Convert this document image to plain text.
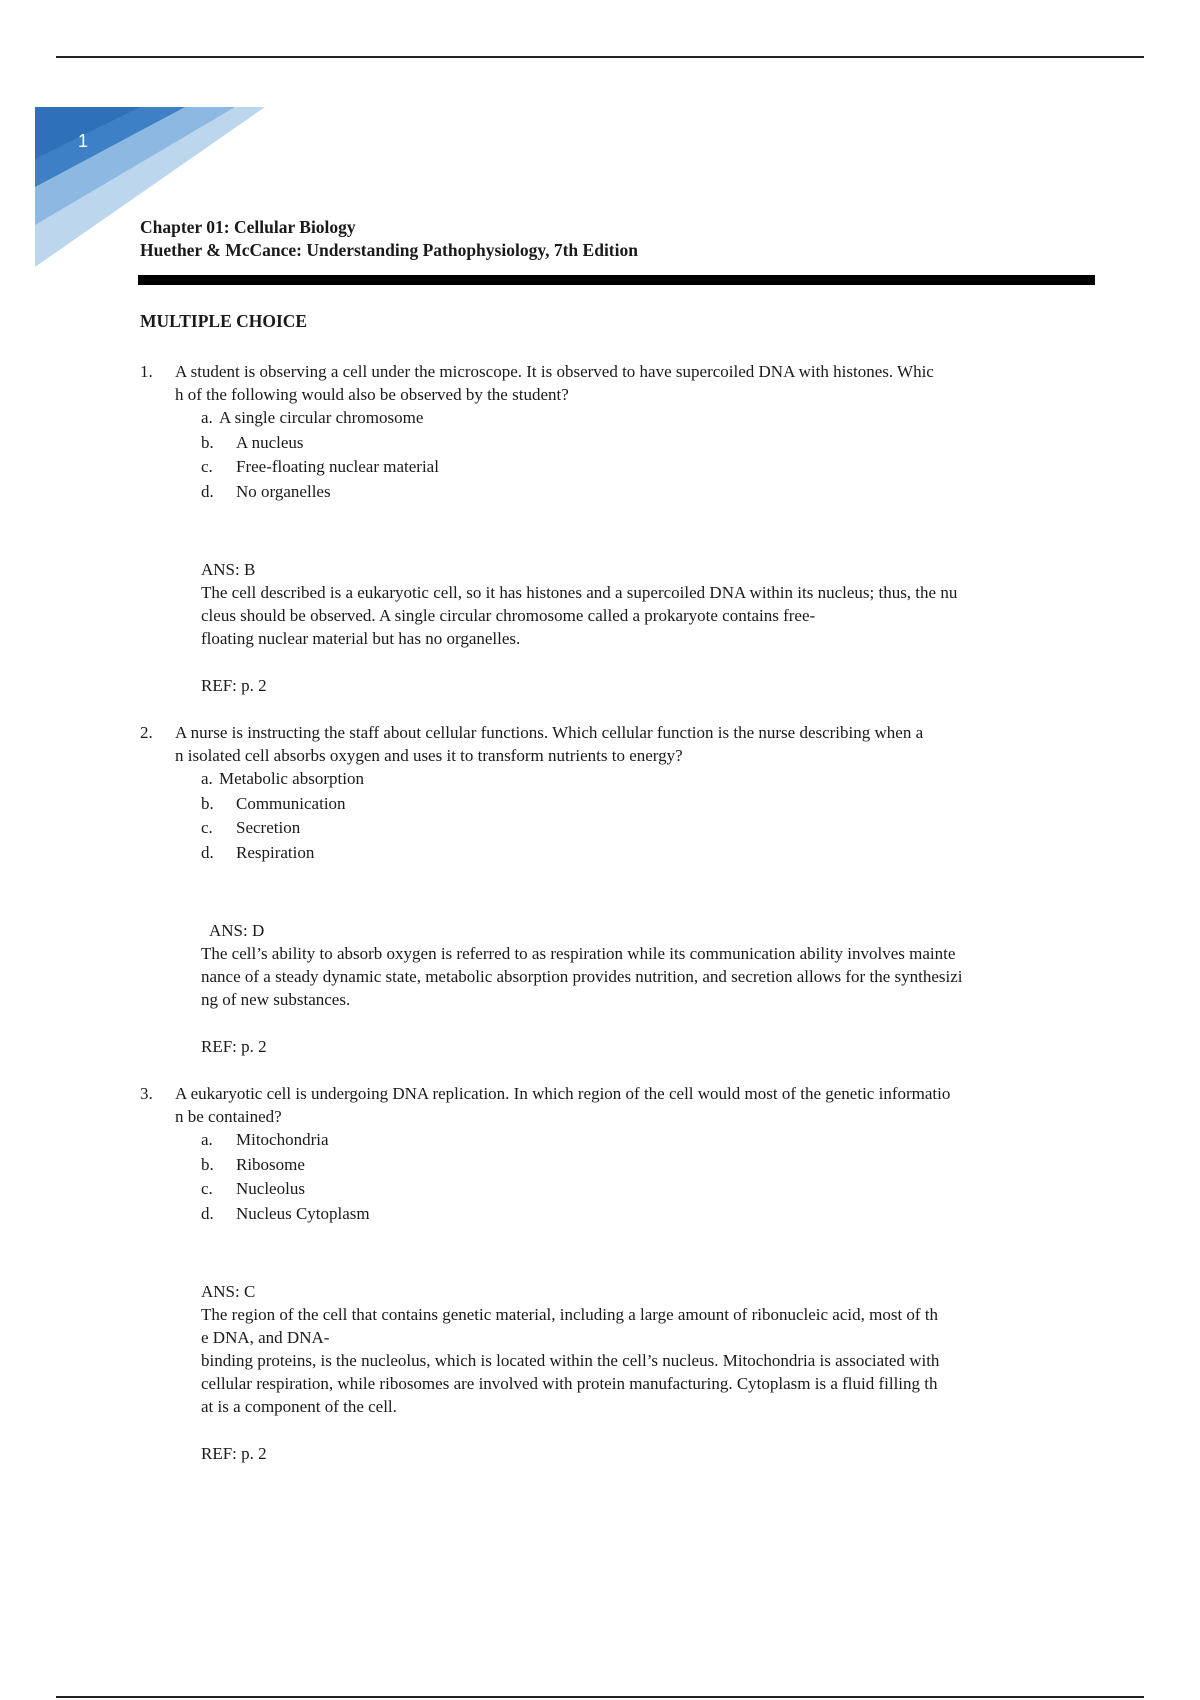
1
Chapter 01: Cellular Biology
Huether & McCance: Understanding Pathophysiology, 7th Edition
MULTIPLE CHOICE
1. A student is observing a cell under the microscope. It is observed to have supercoiled DNA with histones. Whic
h of the following would also be observed by the student?
a. A single circular chromosome
b.	A nucleus
c.	Free-floating nuclear material
d.	No organelles
ANS: B
The cell described is a eukaryotic cell, so it has histones and a supercoiled DNA within its nucleus; thus, the nu
cleus should be observed. A single circular chromosome called a prokaryote contains free-
floating nuclear material but has no organelles.
REF: p. 2
2. A nurse is instructing the staff about cellular functions. Which cellular function is the nurse describing when a
n isolated cell absorbs oxygen and uses it to transform nutrients to energy?
a. Metabolic absorption
b.	Communication
c.	Secretion
d.	Respiration
ANS: D
The cell’s ability to absorb oxygen is referred to as respiration while its communication ability involves mainte
nance of a steady dynamic state, metabolic absorption provides nutrition, and secretion allows for the synthesizi
ng of new substances.
REF: p. 2
3. A eukaryotic cell is undergoing DNA replication. In which region of the cell would most of the genetic informatio
n be contained?
a.	Mitochondria
b.	Ribosome
c.	Nucleolus
d.	Nucleus Cytoplasm
ANS: C
The region of the cell that contains genetic material, including a large amount of ribonucleic acid, most of th
e DNA, and DNA-
binding proteins, is the nucleolus, which is located within the cell’s nucleus. Mitochondria is associated with
cellular respiration, while ribosomes are involved with protein manufacturing. Cytoplasm is a fluid filling th
at is a component of the cell.
REF: p. 2
